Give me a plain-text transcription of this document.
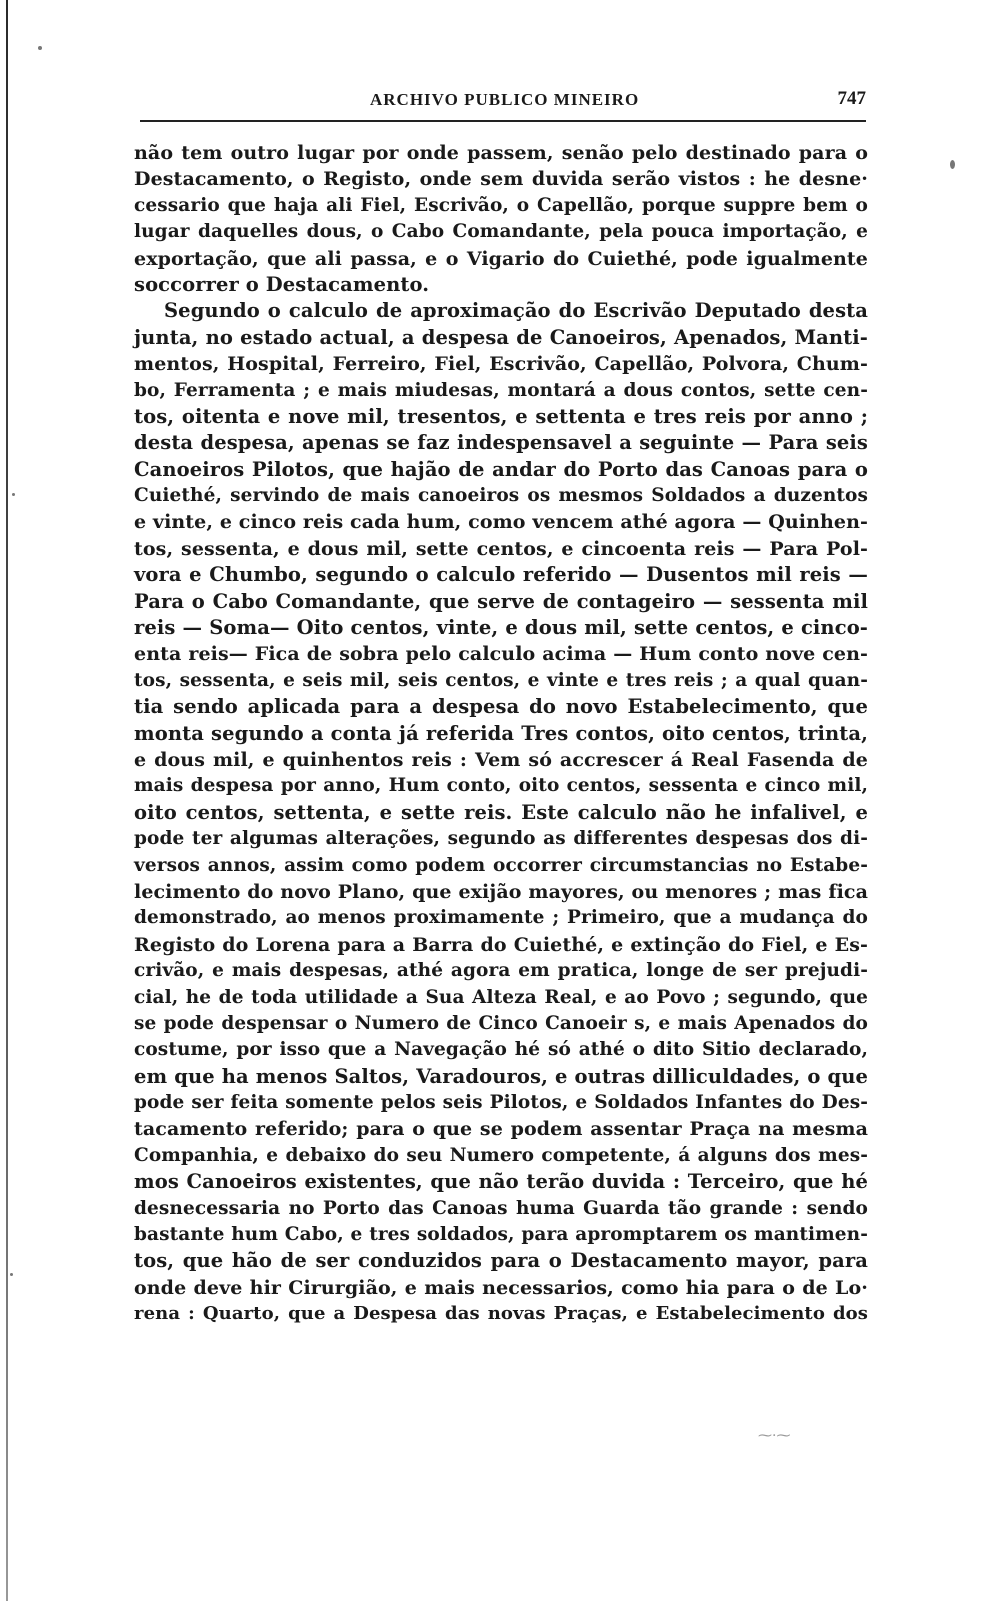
ARCHIVO PUBLICO MINEIRO	747
não tem outro lugar por onde passem, senão pelo destinado para o
Destacamento, o Registo, onde sem duvida serão vistos : he desne·
cessario que haja ali Fiel, Escrivão, o Capellão, porque suppre bem o
lugar daquelles dous, o Cabo Comandante, pela pouca importação, e
exportação, que ali passa, e o Vigario do Cuiethé, pode igualmente
soccorrer o Destacamento.
Segundo o calculo de aproximação do Escrivão Deputado desta
junta, no estado actual, a despesa de Canoeiros, Apenados, Manti-
mentos, Hospital, Ferreiro, Fiel, Escrivão, Capellão, Polvora, Chum-
bo, Ferramenta ; e mais miudesas, montará a dous contos, sette cen-
tos, oitenta e nove mil, tresentos, e settenta e tres reis por anno ;
desta despesa, apenas se faz indespensavel a seguinte — Para seis
Canoeiros Pilotos, que hajão de andar do Porto das Canoas para o
Cuiethé, servindo de mais canoeiros os mesmos Soldados a duzentos
e vinte, e cinco reis cada hum, como vencem athé agora — Quinhen-
tos, sessenta, e dous mil, sette centos, e cincoenta reis — Para Pol-
vora e Chumbo, segundo o calculo referido — Dusentos mil reis —
Para o Cabo Comandante, que serve de contageiro — sessenta mil
reis — Soma— Oito centos, vinte, e dous mil, sette centos, e cinco-
enta reis— Fica de sobra pelo calculo acima — Hum conto nove cen-
tos, sessenta, e seis mil, seis centos, e vinte e tres reis ; a qual quan-
tia sendo aplicada para a despesa do novo Estabelecimento, que
monta segundo a conta já referida Tres contos, oito centos, trinta,
e dous mil, e quinhentos reis : Vem só accrescer á Real Fasenda de
mais despesa por anno, Hum conto, oito centos, sessenta e cinco mil,
oito centos, settenta, e sette reis. Este calculo não he infalivel, e
pode ter algumas alterações, segundo as differentes despesas dos di-
versos annos, assim como podem occorrer circumstancias no Estabe-
lecimento do novo Plano, que exijão mayores, ou menores ; mas fica
demonstrado, ao menos proximamente ; Primeiro, que a mudança do
Registo do Lorena para a Barra do Cuiethé, e extinção do Fiel, e Es-
crivão, e mais despesas, athé agora em pratica, longe de ser prejudi-
cial, he de toda utilidade a Sua Alteza Real, e ao Povo ; segundo, que
se pode despensar o Numero de Cinco Canoeir s, e mais Apenados do
costume, por isso que a Navegação hé só athé o dito Sitio declarado,
em que ha menos Saltos, Varadouros, e outras dilliculdades, o que
pode ser feita somente pelos seis Pilotos, e Soldados Infantes do Des-
tacamento referido; para o que se podem assentar Praça na mesma
Companhia, e debaixo do seu Numero competente, á alguns dos mes-
mos Canoeiros existentes, que não terão duvida : Terceiro, que hé
desnecessaria no Porto das Canoas huma Guarda tão grande : sendo
bastante hum Cabo, e tres soldados, para apromptarem os mantimen-
tos, que hão de ser conduzidos para o Destacamento mayor, para
onde deve hir Cirurgião, e mais necessarios, como hia para o de Lo·
rena : Quarto, que a Despesa das novas Praças, e Estabelecimento dos
⁓·⁓
